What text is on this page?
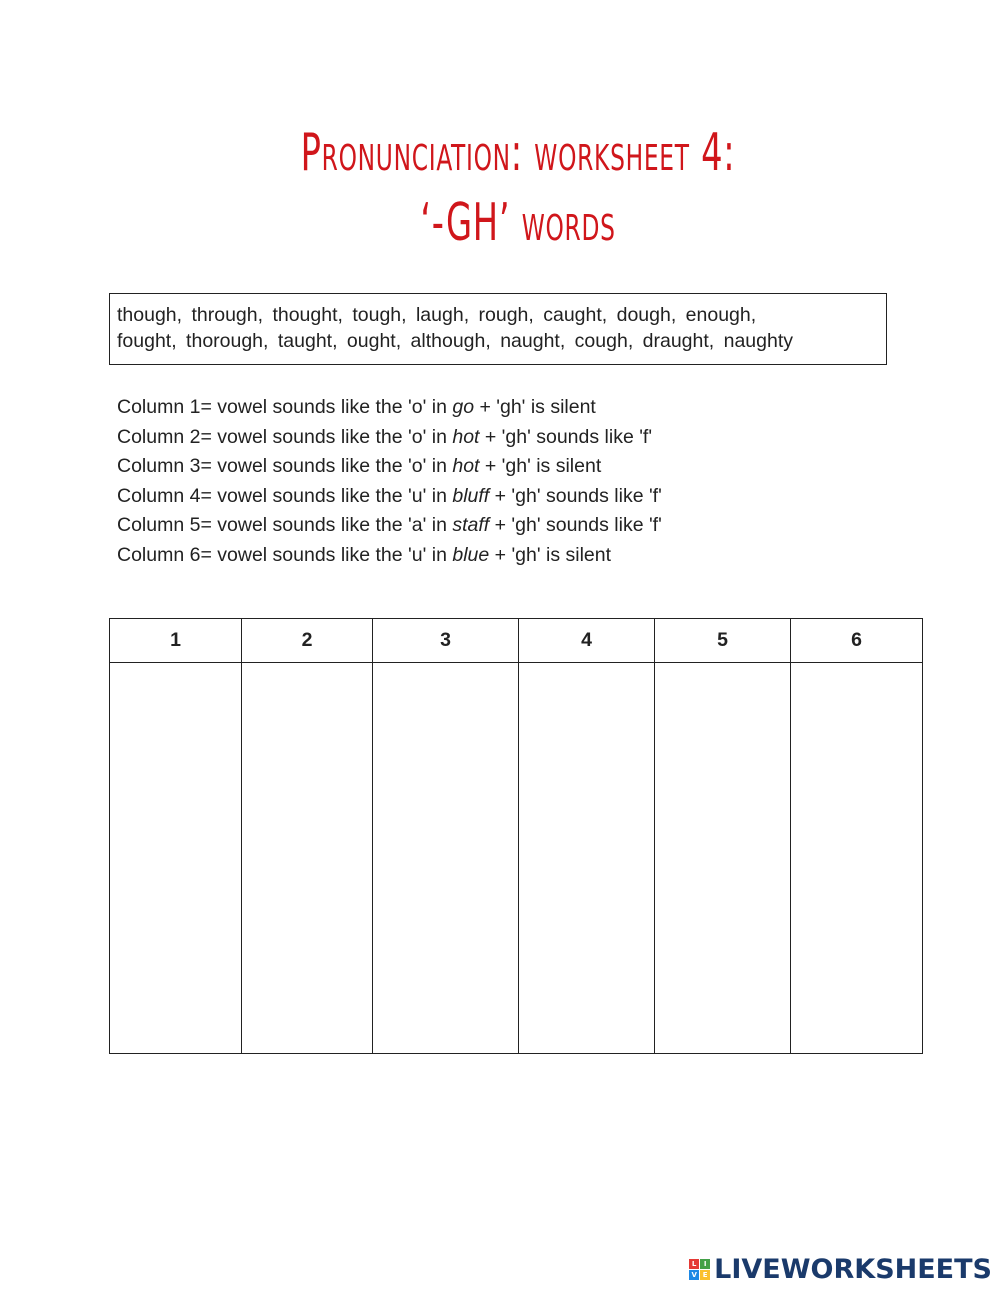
Pronunciation: worksheet 4:
‘-GH’ words
though, through, thought, tough, laugh, rough, caught, dough, enough,
fought, thorough, taught, ought, although, naught, cough, draught, naughty
Column 1= vowel sounds like the 'o' in go + 'gh' is silent
Column 2= vowel sounds like the 'o' in hot + 'gh' sounds like 'f'
Column 3= vowel sounds like the 'o' in hot + 'gh' is silent
Column 4= vowel sounds like the 'u' in bluff + 'gh' sounds like 'f'
Column 5= vowel sounds like the 'a' in staff + 'gh' sounds like 'f'
Column 6= vowel sounds like the 'u' in blue + 'gh' is silent
1	2	3	4	5	6

L	I
V E LIVEWORKSHEETS
